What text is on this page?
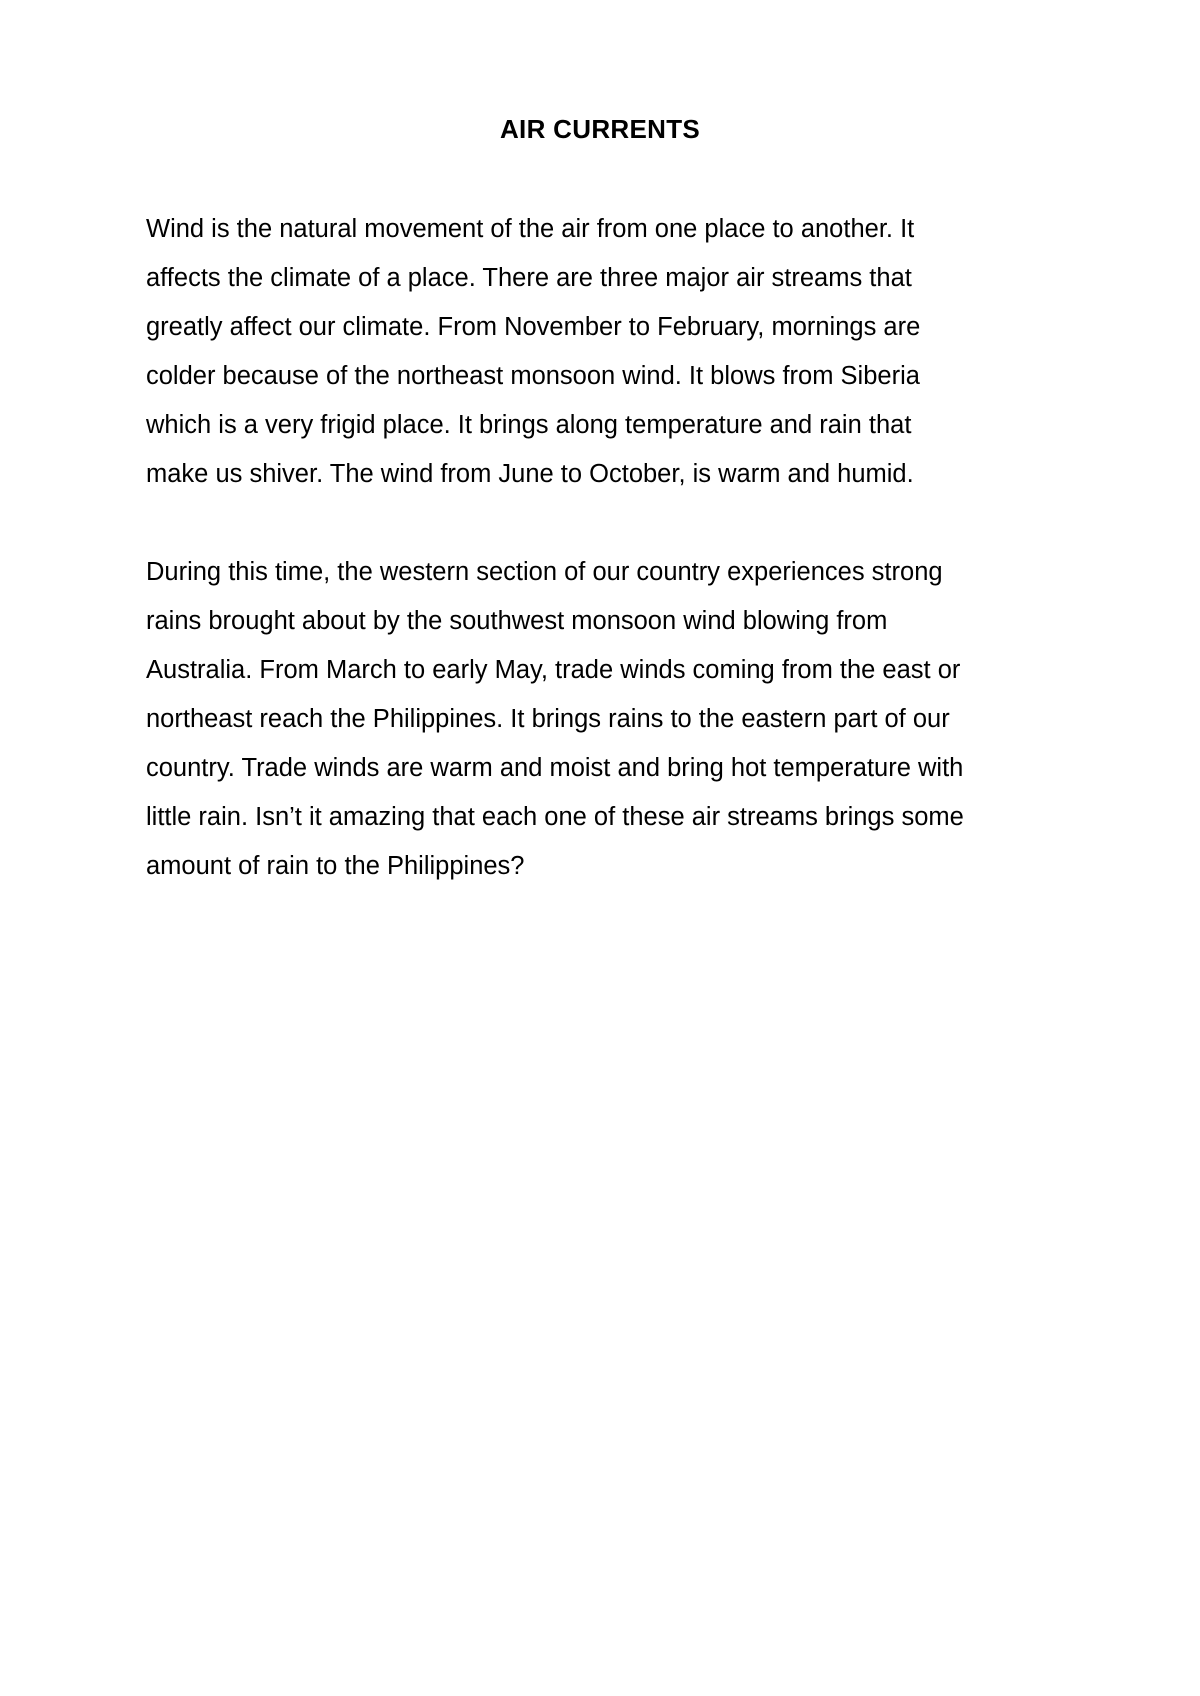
AIR CURRENTS
Wind is the natural movement of the air from one place to another. It
affects the climate of a place. There are three major air streams that
greatly affect our climate. From November to February, mornings are
colder because of the northeast monsoon wind. It blows from Siberia
which is a very frigid place. It brings along temperature and rain that
make us shiver. The wind from June to October, is warm and humid.
During this time, the western section of our country experiences strong
rains brought about by the southwest monsoon wind blowing from
Australia. From March to early May, trade winds coming from the east or
northeast reach the Philippines. It brings rains to the eastern part of our
country. Trade winds are warm and moist and bring hot temperature with
little rain. Isn’t it amazing that each one of these air streams brings some
amount of rain to the Philippines?
